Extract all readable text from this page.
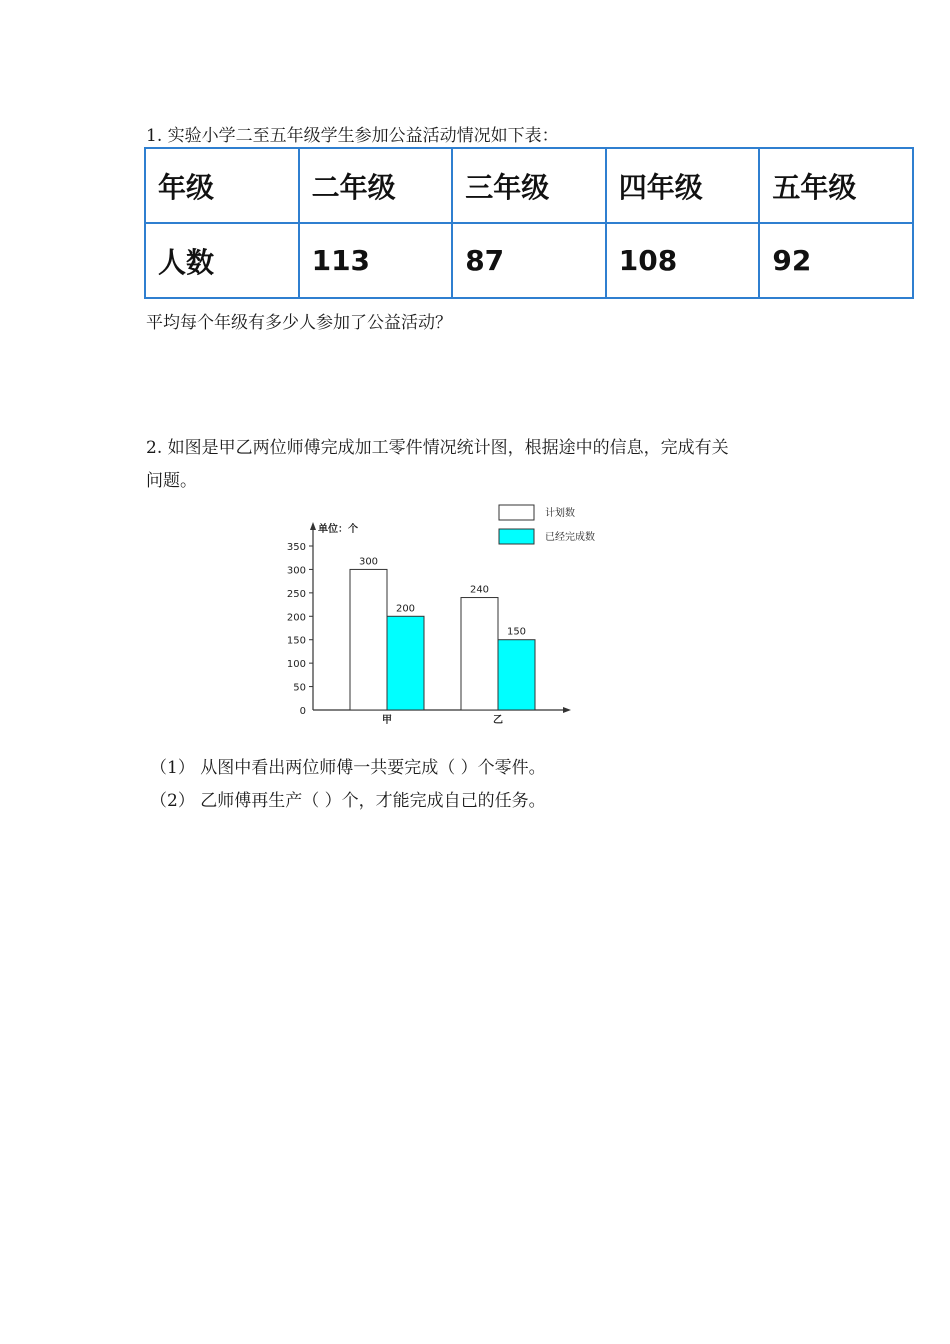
1. 实验小学二至五年级学生参加公益活动情况如下表：
年级	二年级	三年级	四年级	五年级
人数	113	87	108	92
平均每个年级有多少人参加了公益活动？
2. 如图是甲乙两位师傅完成加工零件情况统计图，根据途中的信息，完成有关
问题。
单位：个
0
50
100
150
200
250
300
350
300
200
甲
240
150
乙
计划数
已经完成数
（1） 从图中看出两位师傅一共要完成（ ）个零件。
（2） 乙师傅再生产（ ）个，才能完成自己的任务。
